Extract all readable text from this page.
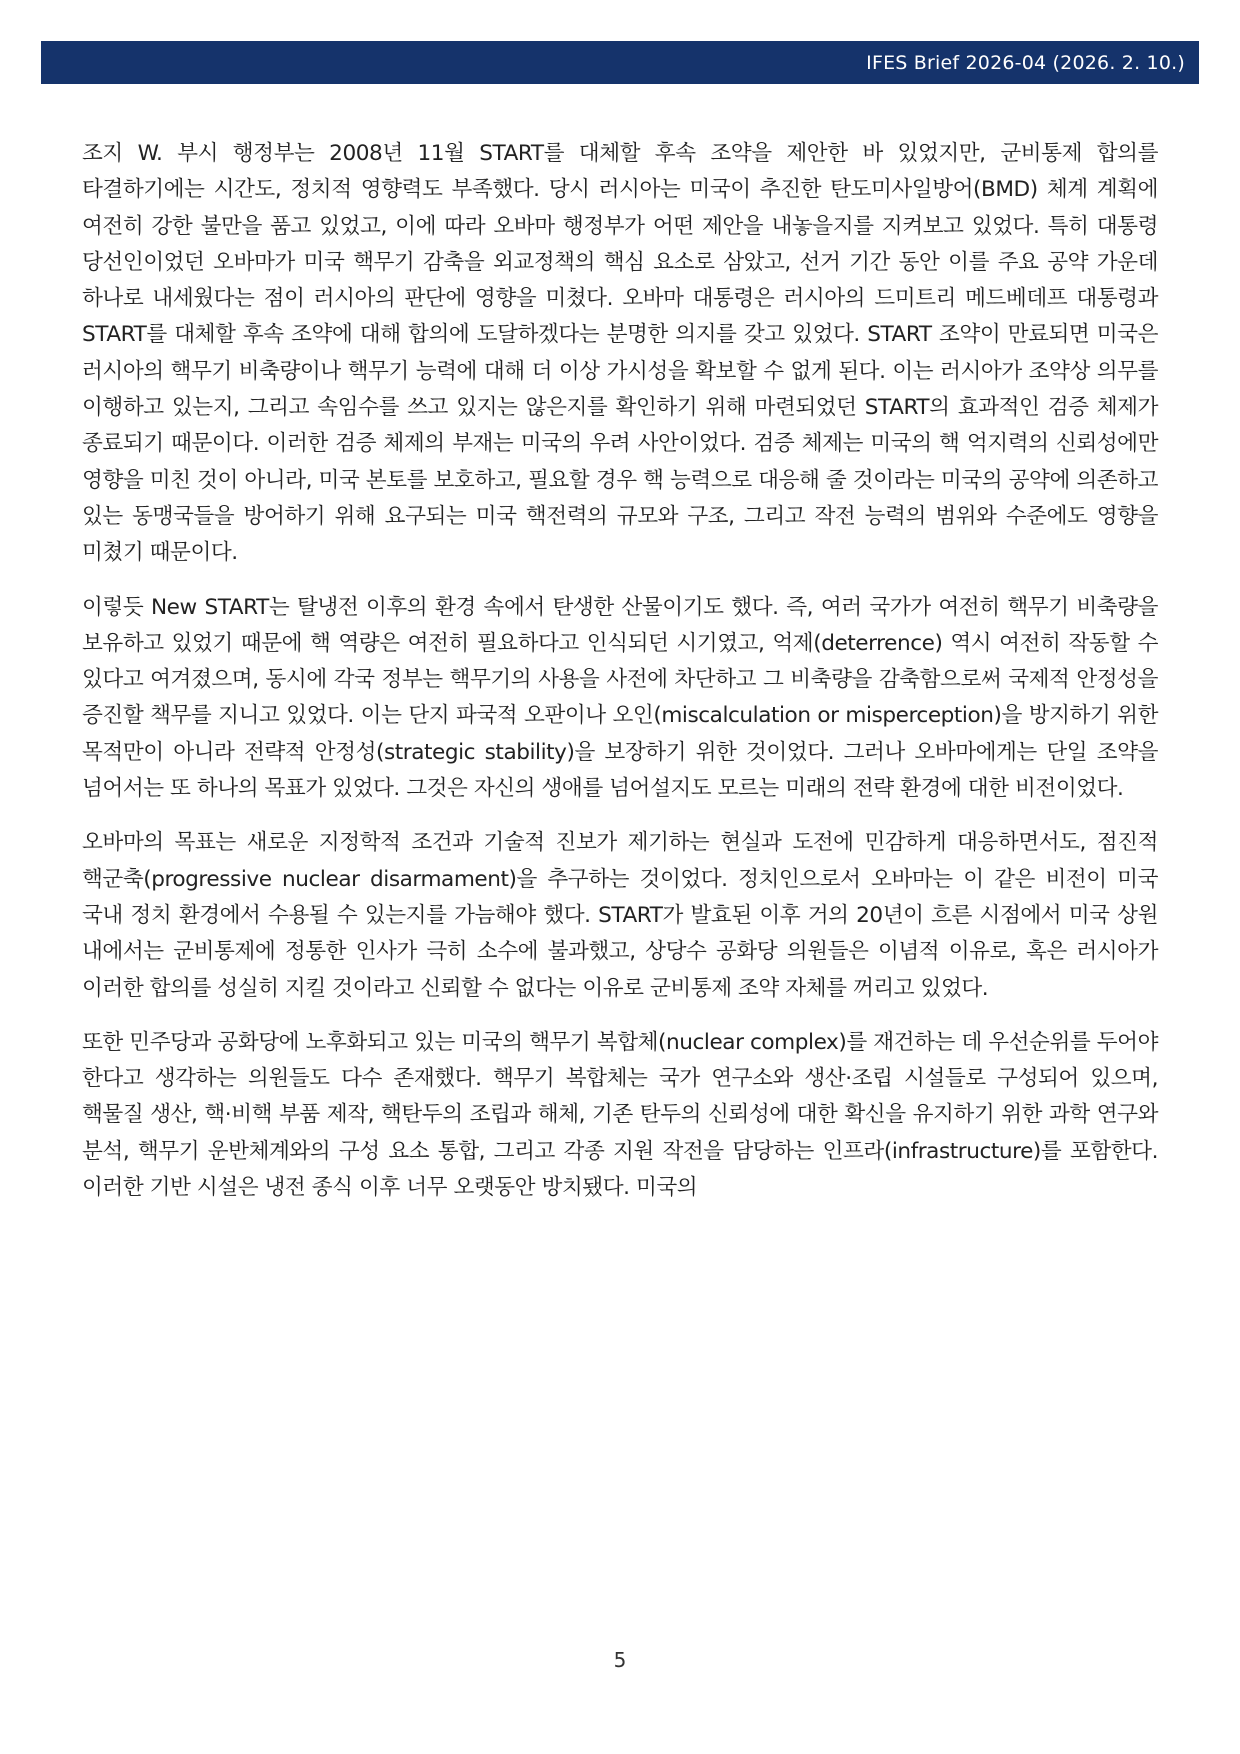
IFES Brief 2026-04 (2026. 2. 10.)

조지 W. 부시 행정부는 2008년 11월 START를 대체할 후속 조약을 제안한 바 있었지만, 군비통제 합의를 타결하기에는 시간도, 정치적 영향력도 부족했다. 당시 러시아는 미국이 추진한 탄도미사일방어(BMD) 체계 계획에 여전히 강한 불만을 품고 있었고, 이에 따라 오바마 행정부가 어떤 제안을 내놓을지를 지켜보고 있었다. 특히 대통령 당선인이었던 오바마가 미국 핵무기 감축을 외교정책의 핵심 요소로 삼았고, 선거 기간 동안 이를 주요 공약 가운데 하나로 내세웠다는 점이 러시아의 판단에 영향을 미쳤다. 오바마 대통령은 러시아의 드미트리 메드베데프 대통령과 START를 대체할 후속 조약에 대해 합의에 도달하겠다는 분명한 의지를 갖고 있었다. START 조약이 만료되면 미국은 러시아의 핵무기 비축량이나 핵무기 능력에 대해 더 이상 가시성을 확보할 수 없게 된다. 이는 러시아가 조약상 의무를 이행하고 있는지, 그리고 속임수를 쓰고 있지는 않은지를 확인하기 위해 마련되었던 START의 효과적인 검증 체제가 종료되기 때문이다. 이러한 검증 체제의 부재는 미국의 우려 사안이었다. 검증 체제는 미국의 핵 억지력의 신뢰성에만 영향을 미친 것이 아니라, 미국 본토를 보호하고, 필요할 경우 핵 능력으로 대응해 줄 것이라는 미국의 공약에 의존하고 있는 동맹국들을 방어하기 위해 요구되는 미국 핵전력의 규모와 구조, 그리고 작전 능력의 범위와 수준에도 영향을 미쳤기 때문이다.

이렇듯 New START는 탈냉전 이후의 환경 속에서 탄생한 산물이기도 했다. 즉, 여러 국가가 여전히 핵무기 비축량을 보유하고 있었기 때문에 핵 역량은 여전히 필요하다고 인식되던 시기였고, 억제(deterrence) 역시 여전히 작동할 수 있다고 여겨졌으며, 동시에 각국 정부는 핵무기의 사용을 사전에 차단하고 그 비축량을 감축함으로써 국제적 안정성을 증진할 책무를 지니고 있었다. 이는 단지 파국적 오판이나 오인(miscalculation or misperception)을 방지하기 위한 목적만이 아니라 전략적 안정성(strategic stability)을 보장하기 위한 것이었다. 그러나 오바마에게는 단일 조약을 넘어서는 또 하나의 목표가 있었다. 그것은 자신의 생애를 넘어설지도 모르는 미래의 전략 환경에 대한 비전이었다.

오바마의 목표는 새로운 지정학적 조건과 기술적 진보가 제기하는 현실과 도전에 민감하게 대응하면서도, 점진적 핵군축(progressive nuclear disarmament)을 추구하는 것이었다. 정치인으로서 오바마는 이 같은 비전이 미국 국내 정치 환경에서 수용될 수 있는지를 가늠해야 했다. START가 발효된 이후 거의 20년이 흐른 시점에서 미국 상원 내에서는 군비통제에 정통한 인사가 극히 소수에 불과했고, 상당수 공화당 의원들은 이념적 이유로, 혹은 러시아가 이러한 합의를 성실히 지킬 것이라고 신뢰할 수 없다는 이유로 군비통제 조약 자체를 꺼리고 있었다.

또한 민주당과 공화당에 노후화되고 있는 미국의 핵무기 복합체(nuclear complex)를 재건하는 데 우선순위를 두어야 한다고 생각하는 의원들도 다수 존재했다. 핵무기 복합체는 국가 연구소와 생산·조립 시설들로 구성되어 있으며, 핵물질 생산, 핵·비핵 부품 제작, 핵탄두의 조립과 해체, 기존 탄두의 신뢰성에 대한 확신을 유지하기 위한 과학 연구와 분석, 핵무기 운반체계와의 구성 요소 통합, 그리고 각종 지원 작전을 담당하는 인프라(infrastructure)를 포함한다. 이러한 기반 시설은 냉전 종식 이후 너무 오랫동안 방치됐다. 미국의

5
